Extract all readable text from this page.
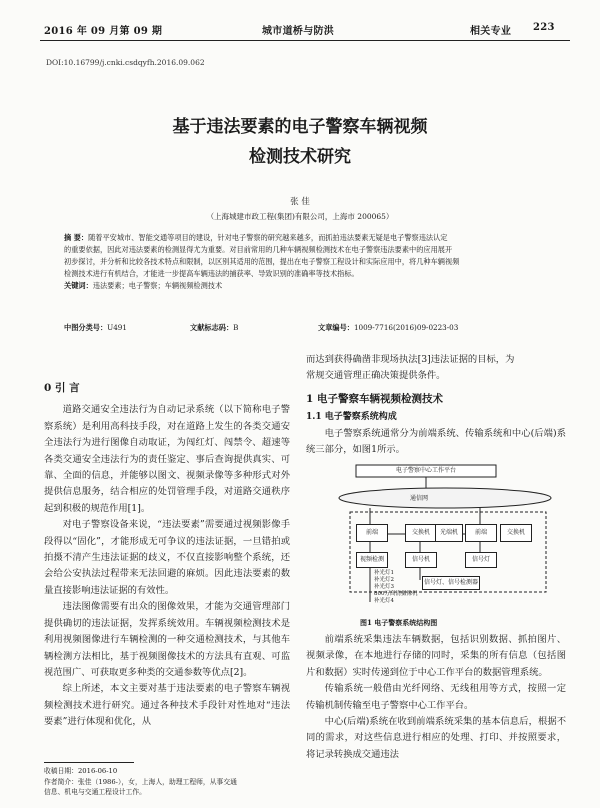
2016 年 09 月第 09 期	城市道桥与防洪	相关专业 223
DOI:10.16799/j.cnki.csdqyfh.2016.09.062
基于违法要素的电子警察车辆视频
检测技术研究
张 佳
（上海城建市政工程(集团)有限公司，上海市 200065）
摘 要：随着平安城市、智能交通等项目的建设，针对电子警察的研究越来越多，而抓拍违法要素无疑是电子警察违法认定
的重要依据，因此对违法要素的检测显得尤为重要。对目前常用的几种车辆视频检测技术在电子警察违法要素中的应用展开
初步探讨，并分析和比较各技术特点和限制，以区别其适用的范围，提出在电子警察工程设计和实际应用中，将几种车辆视频
检测技术进行有机结合，才能进一步提高车辆违法的捕获率、导致识别的准确率等技术指标。
关键词：违法要素；电子警察；车辆视频检测技术
中图分类号：U491	文献标志码：B	文章编号：1009-7716(2016)09-0223-03
0 引 言

道路交通安全违法行为自动记录系统（以下简称电子警察系统）是利用高科技手段，对在道路上发生的各类交通安全违法行为进行图像自动取证，为闯红灯、闯禁令、超速等各类交通安全违法行为的责任鉴定、事后查询提供真实、可靠、全面的信息，并能够以图文、视频录像等多种形式对外提供信息服务，结合相应的处罚管理手段，对道路交通秩序起到积极的规范作用[1]。

对电子警察设备来说，“违法要素”需要通过视频影像手段得以“固化”，才能形成无可争议的违法证据，一旦错拍或拍摄不清产生违法证据的歧义，不仅直接影响整个系统，还会给公安执法过程带来无法回避的麻烦。因此违法要素的数量直接影响违法证据的有效性。

违法图像需要有出众的图像效果，才能为交通管理部门提供确切的违法证据，发挥系统效用。车辆视频检测技术是利用视频图像进行车辆检测的一种交通检测技术，与其他车辆检测方法相比，基于视频图像技术的方法具有直观、可监视范围广、可获取更多种类的交通参数等优点[2]。

综上所述，本文主要对基于违法要素的电子警察车辆视频检测技术进行研究。通过各种技术手段针对性地对“违法要素”进行体现和优化，从

收稿日期：2016-06-10
作者简介：张佳（1986-），女，上海人，助理工程师，从事交通
信息、机电与交通工程设计工作。
而达到获得确凿非现场执法[3]违法证据的目标，为
常规交通管理正确决策提供条件。
1 电子警察车辆视频检测技术
1.1 电子警察系统构成

电子警察系统通常分为前端系统、传输系统和中心(后端)系统三部分，如图1所示。

电子警察中心工作平台
通信网
前端	交换机	光端机	前端	交换机
视频检测	信号机	信号灯
补光灯1
补光灯2
补光灯3
800万高清摄像机
补光灯4
信号灯、信号检测器
图1 电子警察系统结构图

前端系统采集违法车辆数据，包括识别数据、抓拍图片、视频录像，在本地进行存储的同时，采集的所有信息（包括图片和数据）实时传递到位于中心工作平台的数据管理系统。

传输系统一般借由光纤网络、无线租用等方式，按照一定传输机制传输至电子警察中心工作平台。

中心(后端)系统在收到前端系统采集的基本信息后，根据不同的需求，对这些信息进行相应的处理、打印、并按照要求，将记录转换成交通违法
